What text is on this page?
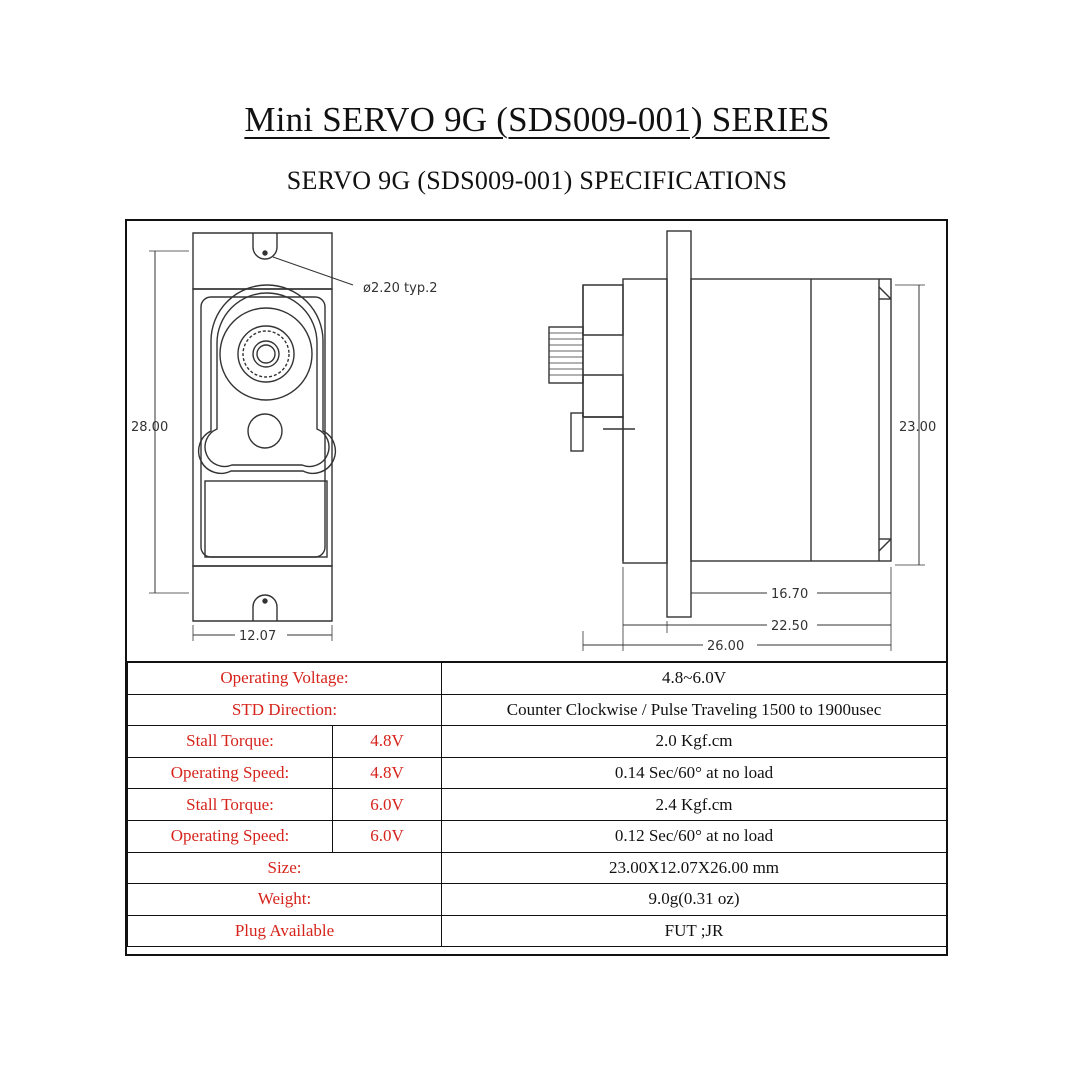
Mini SERVO 9G (SDS009-001) SERIES
SERVO 9G (SDS009-001) SPECIFICATIONS
ø2.20 typ.2
28.00
12.07
23.00
16.70
22.50
26.00
Operating Voltage:		4.8~6.0V
STD Direction:		Counter Clockwise / Pulse Traveling 1500 to 1900usec
Stall Torque:	4.8V	2.0 Kgf.cm
Operating Speed:	4.8V	0.14 Sec/60° at no load
Stall Torque:	6.0V	2.4 Kgf.cm
Operating Speed:	6.0V	0.12 Sec/60° at no load
Size:		23.00X12.07X26.00 mm
Weight:		9.0g(0.31 oz)
Plug Available		FUT ;JR
